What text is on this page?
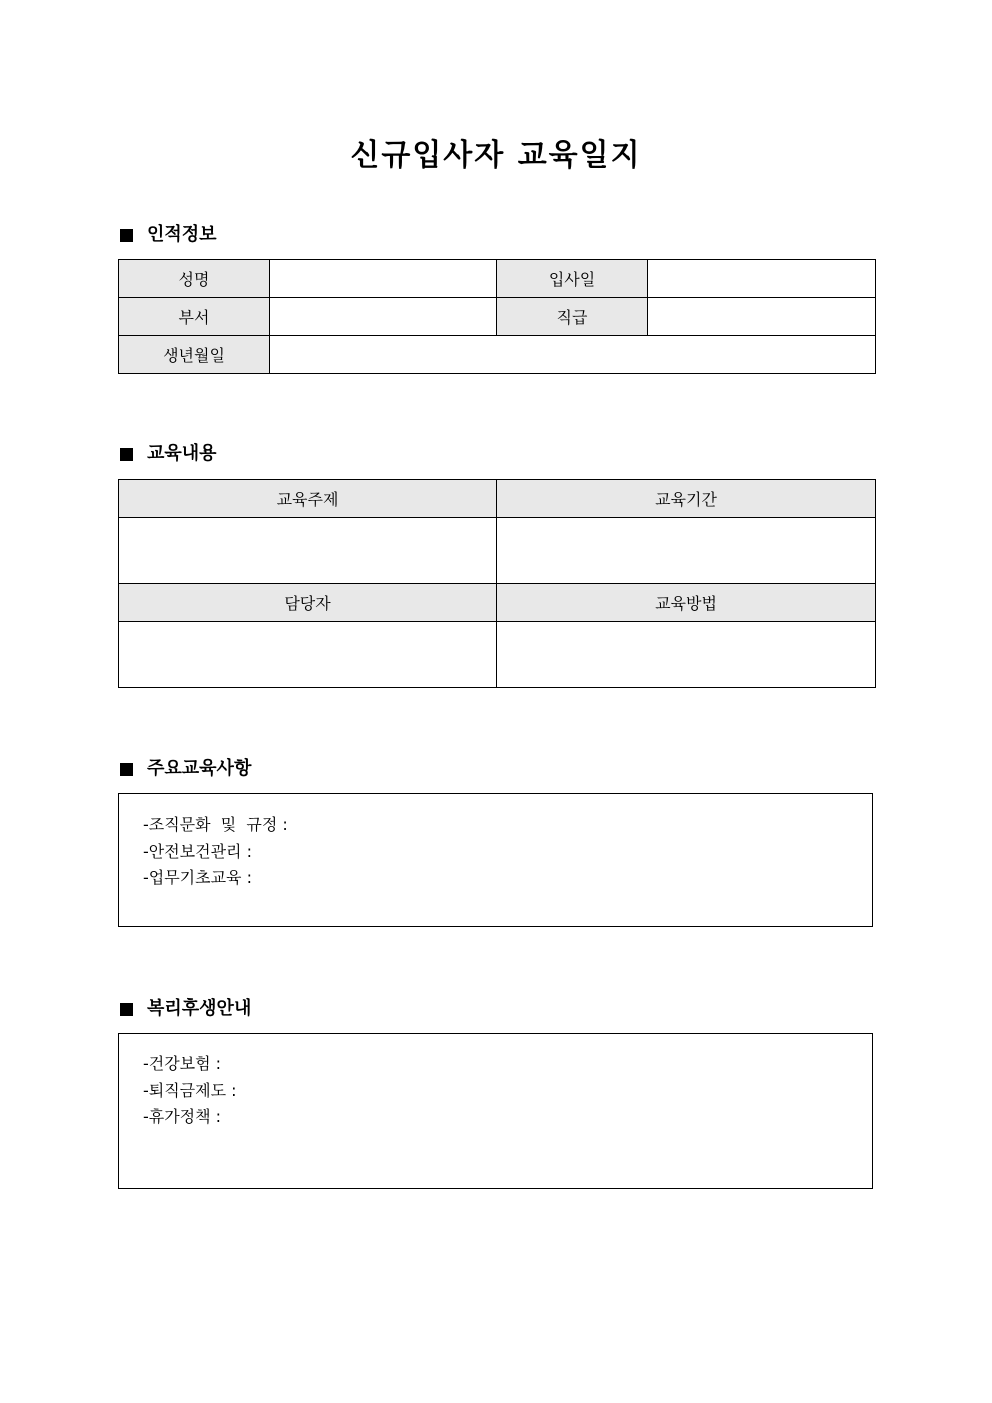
신규입사자 교육일지
인적정보
성명		입사일	
부서		직급	
생년월일			
교육내용
교육주제	교육기간

담당자	교육방법

주요교육사항
-조직문화  및  규정 :
-안전보건관리 :
-업무기초교육 :
복리후생안내
-건강보험 :
-퇴직금제도 :
-휴가정책 :
